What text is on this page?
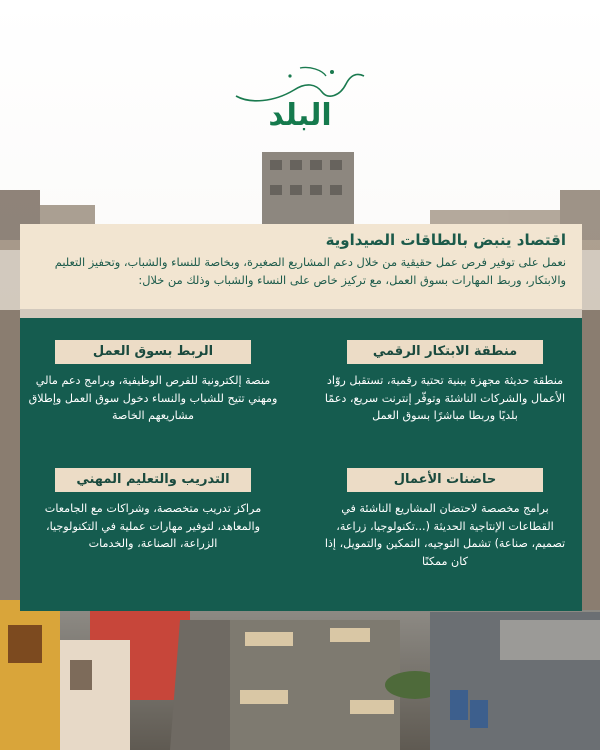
البلد

اقتصاد ينبض بالطاقات الصيداوية

نعمل على توفير فرص عمل حقيقية من خلال دعم المشاريع الصغيرة، وبخاصة للنساء والشباب، وتحفيز التعليم والابتكار، وربط المهارات بسوق العمل، مع تركيز خاص على النساء والشباب وذلك من خلال:

منطقة الابتكار الرقمي

منطقة حديثة مجهزة ببنية تحتية رقمية، تستقبل روّاد الأعمال والشركات الناشئة وتوفّر إنترنت سريع، دعمًا بلديًا وربطا مباشرًا بسوق العمل

الربط بسوق العمل

منصة إلكترونية للفرص الوظيفية، وبرامج دعم مالي ومهني تتيح للشباب والنساء دخول سوق العمل وإطلاق مشاريعهم الخاصة

حاضنات الأعمال

برامج مخصصة لاحتضان المشاريع الناشئة في القطاعات الإنتاجية الحديثة (...تكنولوجيا، زراعة، تصميم، صناعة) تشمل التوجيه، التمكين والتمويل، إذا كان ممكنًا

التدريب والتعليم المهني

مراكز تدريب متخصصة، وشراكات مع الجامعات والمعاهد، لتوفير مهارات عملية في التكنولوجيا، الزراعة، الصناعة، والخدمات
